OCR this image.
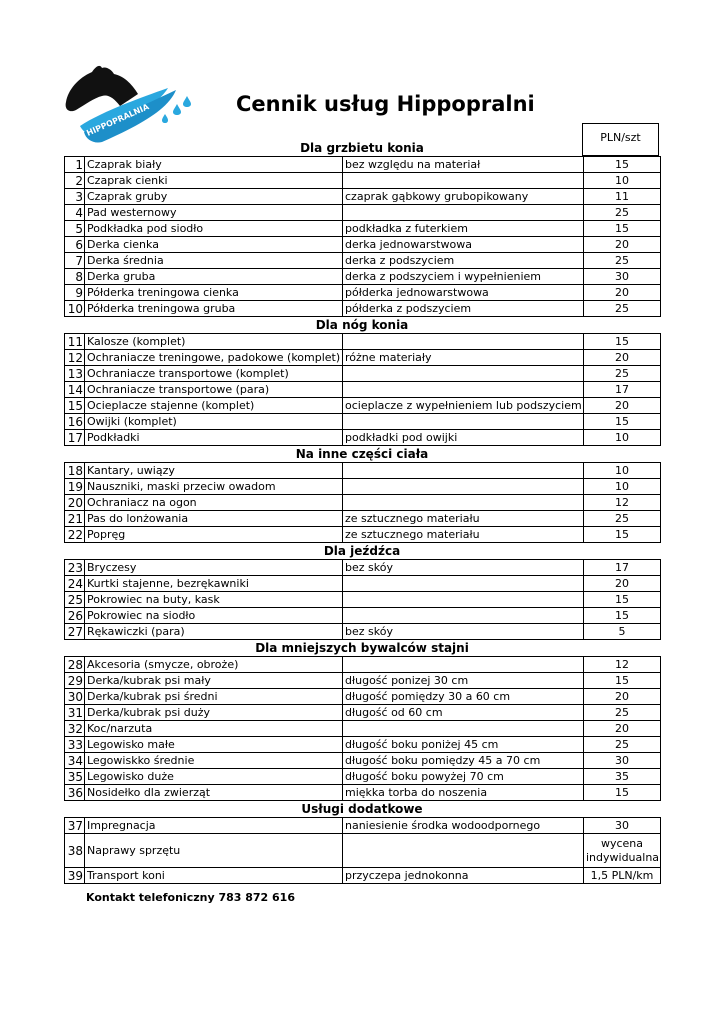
HIPPOPRALNIA	Cennik usług Hippopralni
PLN/szt
Dla grzbietu konia
1	Czaprak biały	bez względu na materiał	15
2	Czaprak cienki		10
3	Czaprak gruby	czaprak gąbkowy grubopikowany	11
4	Pad westernowy		25
5	Podkładka pod siodło	podkładka z futerkiem	15
6	Derka cienka	derka jednowarstwowa	20
7	Derka średnia	derka z podszyciem	25
8	Derka gruba	derka z podszyciem i wypełnieniem	30
9	Półderka treningowa cienka	półderka jednowarstwowa	20
10	Półderka treningowa gruba	półderka z podszyciem	25
Dla nóg konia
11	Kalosze (komplet)		15
12	Ochraniacze treningowe, padokowe (komplet)	różne materiały	20
13	Ochraniacze transportowe (komplet)		25
14	Ochraniacze transportowe (para)		17
15	Ocieplacze stajenne (komplet)	ocieplacze z wypełnieniem lub podszyciem	20
16	Owijki (komplet)		15
17	Podkładki	podkładki pod owijki	10
Na inne części ciała
18	Kantary, uwiązy		10
19	Nauszniki, maski przeciw owadom		10
20	Ochraniacz na ogon		12
21	Pas do lonżowania	ze sztucznego materiału	25
22	Popręg	ze sztucznego materiału	15
Dla jeźdźca
23	Bryczesy	bez skóy	17
24	Kurtki stajenne, bezrękawniki		20
25	Pokrowiec na buty, kask		15
26	Pokrowiec na siodło		15
27	Rękawiczki (para)	bez skóy	5
Dla mniejszych bywalców stajni
28	Akcesoria (smycze, obroże)		12
29	Derka/kubrak psi mały	długość ponizej 30 cm	15
30	Derka/kubrak psi średni	długość pomiędzy 30 a 60 cm	20
31	Derka/kubrak psi duży	długość od 60 cm	25
32	Koc/narzuta		20
33	Legowisko małe	długość boku poniżej 45 cm	25
34	Legowiskko średnie	długość boku pomiędzy 45 a 70 cm	30
35	Legowisko duże	długość boku powyżej 70 cm	35
36	Nosidełko dla zwierząt	miękka torba do noszenia	15
Usługi dodatkowe
37	Impregnacja	naniesienie środka wodoodpornego	30
38	Naprawy sprzętu		wycena indywidualna
39	Transport koni	przyczepa jednokonna	1,5 PLN/km
Kontakt telefoniczny 783 872 616
